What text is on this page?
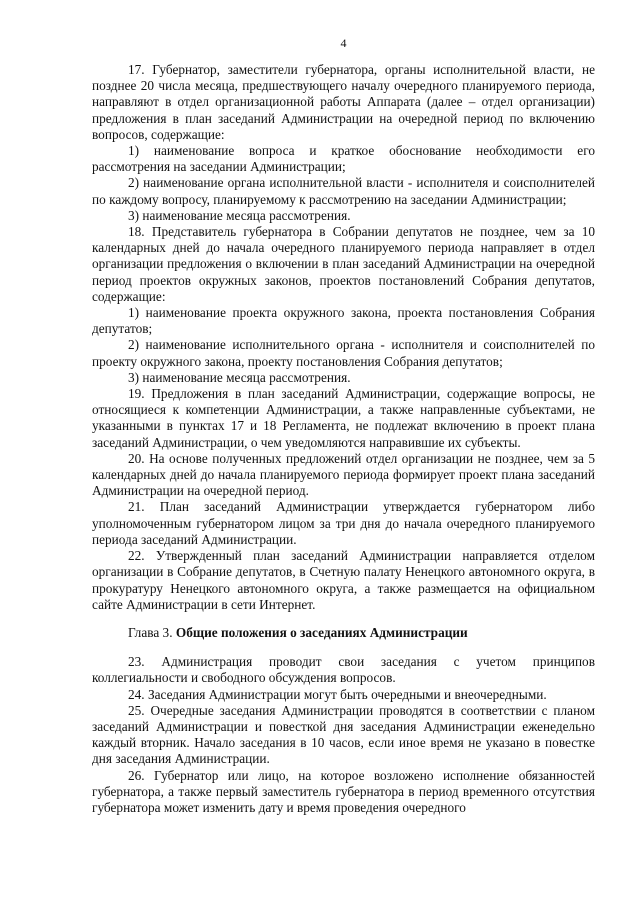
4

17. Губернатор, заместители губернатора, органы исполнительной власти, не позднее 20 числа месяца, предшествующего началу очередного планируемого периода, направляют в отдел организационной работы Аппарата (далее – отдел организации) предложения в план заседаний Администрации на очередной период по включению вопросов, содержащие:

1) наименование вопроса и краткое обоснование необходимости его рассмотрения на заседании Администрации;

2) наименование органа исполнительной власти - исполнителя и соисполнителей по каждому вопросу, планируемому к рассмотрению на заседании Администрации;

3) наименование месяца рассмотрения.

18. Представитель губернатора в Собрании депутатов не позднее, чем за 10 календарных дней до начала очередного планируемого периода направляет в отдел организации предложения о включении в план заседаний Администрации на очередной период проектов окружных законов, проектов постановлений Собрания депутатов, содержащие:

1) наименование проекта окружного закона, проекта постановления Собрания депутатов;

2) наименование исполнительного органа - исполнителя и соисполнителей по проекту окружного закона, проекту постановления Собрания депутатов;

3) наименование месяца рассмотрения.

19. Предложения в план заседаний Администрации, содержащие вопросы, не относящиеся к компетенции Администрации, а также направленные субъектами, не указанными в пунктах 17 и 18 Регламента, не подлежат включению в проект плана заседаний Администрации, о чем уведомляются направившие их субъекты.

20. На основе полученных предложений отдел организации не позднее, чем за 5 календарных дней до начала планируемого периода формирует проект плана заседаний Администрации на очередной период.

21. План заседаний Администрации утверждается губернатором либо уполномоченным губернатором лицом за три дня до начала очередного планируемого периода заседаний Администрации.

22. Утвержденный план заседаний Администрации направляется отделом организации в Собрание депутатов, в Счетную палату Ненецкого автономного округа, в прокуратуру Ненецкого автономного округа, а также размещается на официальном сайте Администрации в сети Интернет.

Глава 3. Общие положения о заседаниях Администрации

23. Администрация проводит свои заседания с учетом принципов коллегиальности и свободного обсуждения вопросов.

24. Заседания Администрации могут быть очередными и внеочередными.

25. Очередные заседания Администрации проводятся в соответствии с планом заседаний Администрации и повесткой дня заседания Администрации еженедельно каждый вторник. Начало заседания в 10 часов, если иное время не указано в повестке дня заседания Администрации.

26. Губернатор или лицо, на которое возложено исполнение обязанностей губернатора, а также первый заместитель губернатора в период временного отсутствия губернатора может изменить дату и время проведения очередного
